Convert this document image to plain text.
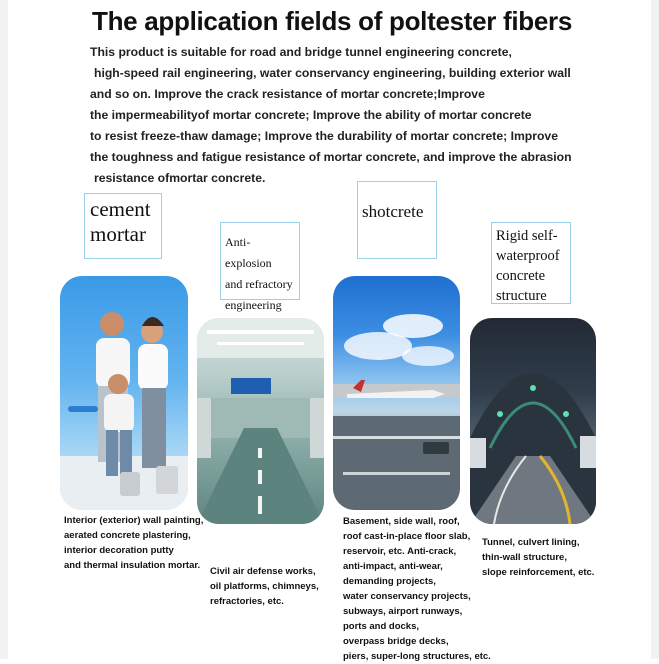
The application fields of poltester fibers
This product is suitable for road and bridge tunnel engineering concrete,
high-speed rail engineering, water conservancy engineering, building exterior wall
and so on. Improve the crack resistance of mortar concrete;Improve
the impermeabilityof mortar concrete; Improve the ability of mortar concrete
to resist freeze-thaw damage; Improve the durability of mortar concrete; Improve
the toughness and fatigue resistance of mortar concrete, and improve the abrasion
resistance ofmortar concrete.
cement
mortar
Interior (exterior) wall painting,
aerated concrete plastering,
interior decoration putty
and thermal insulation mortar.
Anti-explosion
and refractory
engineering
Civil air defense works,
oil platforms, chimneys,
refractories, etc.
shotcrete
Basement, side wall, roof,
roof cast-in-place floor slab,
reservoir, etc. Anti-crack,
anti-impact, anti-wear,
demanding projects,
water conservancy projects,
subways, airport runways,
ports and docks,
overpass bridge decks,
piers, super-long structures, etc.
Rigid self-
waterproof
concrete
structure
Tunnel, culvert lining,
thin-wall structure,
slope reinforcement, etc.
